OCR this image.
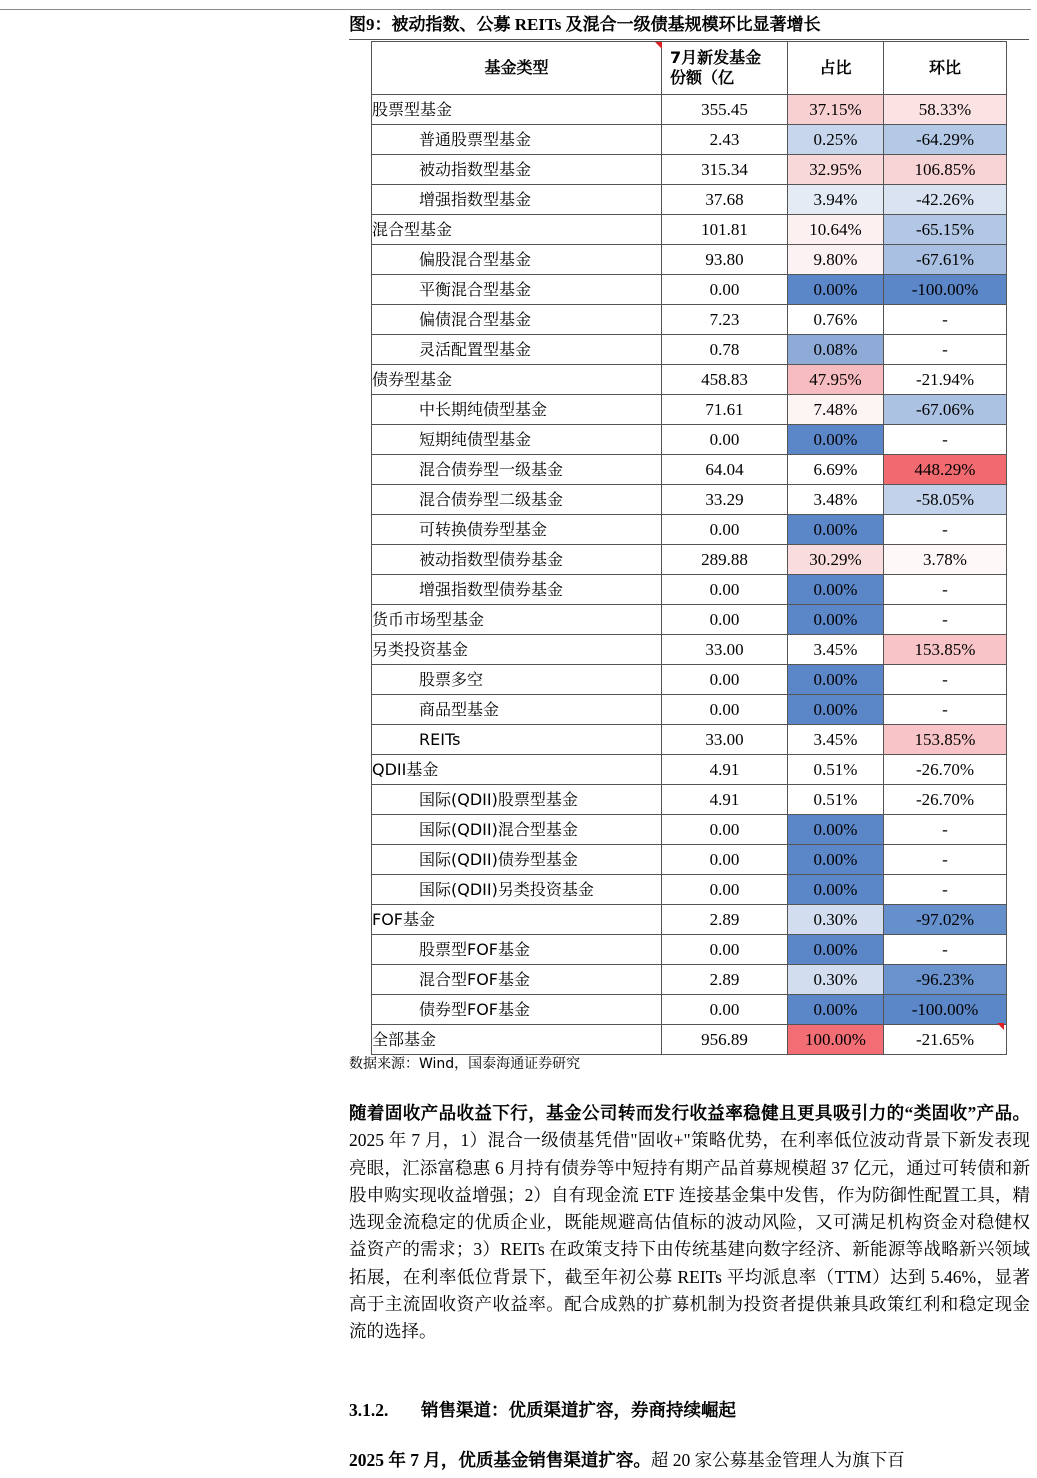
图9：被动指数、公募 REITs 及混合一级债基规模环比显著增长
基金类型	7月新发基金份额（亿	占比	环比
股票型基金	355.45	37.15%	58.33%
普通股票型基金	2.43	0.25%	-64.29%
被动指数型基金	315.34	32.95%	106.85%
增强指数型基金	37.68	3.94%	-42.26%
混合型基金	101.81	10.64%	-65.15%
偏股混合型基金	93.80	9.80%	-67.61%
平衡混合型基金	0.00	0.00%	-100.00%
偏债混合型基金	7.23	0.76%	-
灵活配置型基金	0.78	0.08%	-
债券型基金	458.83	47.95%	-21.94%
中长期纯债型基金	71.61	7.48%	-67.06%
短期纯债型基金	0.00	0.00%	-
混合债券型一级基金	64.04	6.69%	448.29%
混合债券型二级基金	33.29	3.48%	-58.05%
可转换债券型基金	0.00	0.00%	-
被动指数型债券基金	289.88	30.29%	3.78%
增强指数型债券基金	0.00	0.00%	-
货币市场型基金	0.00	0.00%	-
另类投资基金	33.00	3.45%	153.85%
股票多空	0.00	0.00%	-
商品型基金	0.00	0.00%	-
REITs	33.00	3.45%	153.85%
QDII基金	4.91	0.51%	-26.70%
国际(QDII)股票型基金	4.91	0.51%	-26.70%
国际(QDII)混合型基金	0.00	0.00%	-
国际(QDII)债券型基金	0.00	0.00%	-
国际(QDII)另类投资基金	0.00	0.00%	-
FOF基金	2.89	0.30%	-97.02%
股票型FOF基金	0.00	0.00%	-
混合型FOF基金	2.89	0.30%	-96.23%
债券型FOF基金	0.00	0.00%	-100.00%
全部基金	956.89	100.00%	-21.65%
数据来源：Wind，国泰海通证券研究
随着固收产品收益下行，基金公司转而发行收益率稳健且更具吸引力的“类固收”产品。2025 年 7 月，1）混合一级债基凭借"固收+"策略优势，在利率低位波动背景下新发表现亮眼，汇添富稳惠 6 月持有债券等中短持有期产品首募规模超 37 亿元，通过可转债和新股申购实现收益增强；2）自有现金流 ETF 连接基金集中发售，作为防御性配置工具，精选现金流稳定的优质企业，既能规避高估值标的波动风险，又可满足机构资金对稳健权益资产的需求；3）REITs 在政策支持下由传统基建向数字经济、新能源等战略新兴领域拓展，在利率低位背景下，截至年初公募 REITs 平均派息率（TTM）达到 5.46%，显著高于主流固收资产收益率。配合成熟的扩募机制为投资者提供兼具政策红利和稳定现金流的选择。
3.1.2. 销售渠道：优质渠道扩容，券商持续崛起
2025 年 7 月，优质基金销售渠道扩容。超 20 家公募基金管理人为旗下百
